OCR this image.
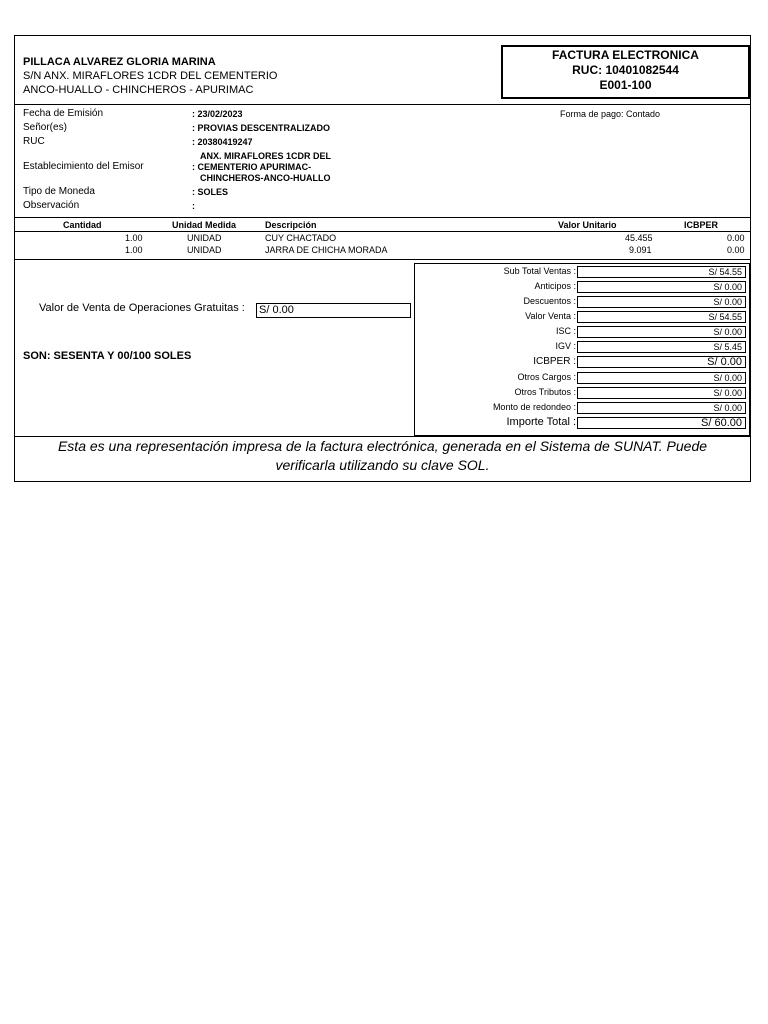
PILLACA ALVAREZ GLORIA MARINA
S/N ANX. MIRAFLORES 1CDR DEL CEMENTERIO
ANCO-HUALLO - CHINCHEROS - APURIMAC
FACTURA ELECTRONICA
RUC: 10401082544
E001-100
Fecha de Emisión	: 23/02/2023	Forma de pago: Contado
Señor(es)	: PROVIAS DESCENTRALIZADO
RUC	: 20380419247
ANX. MIRAFLORES 1CDR DEL
Establecimiento del Emisor	: CEMENTERIO APURIMAC-
CHINCHEROS-ANCO-HUALLO
Tipo de Moneda	: SOLES
Observación	:
Cantidad	Unidad Medida	Descripción	Valor Unitario	ICBPER
1.00	UNIDAD	CUY CHACTADO	45.455	0.00
1.00	UNIDAD	JARRA DE CHICHA MORADA	9.091	0.00
Valor de Venta de Operaciones Gratuitas : S/ 0.00
SON: SESENTA Y 00/100 SOLES
Sub Total Ventas :	S/ 54.55
Anticipos :	S/ 0.00
Descuentos :	S/ 0.00
Valor Venta :	S/ 54.55
ISC :	S/ 0.00
IGV :	S/ 5.45
ICBPER :	S/ 0.00
Otros Cargos :	S/ 0.00
Otros Tributos :	S/ 0.00
Monto de redondeo :	S/ 0.00
Importe Total :	S/ 60.00
Esta es una representación impresa de la factura electrónica, generada en el Sistema de SUNAT. Puede
verificarla utilizando su clave SOL.
